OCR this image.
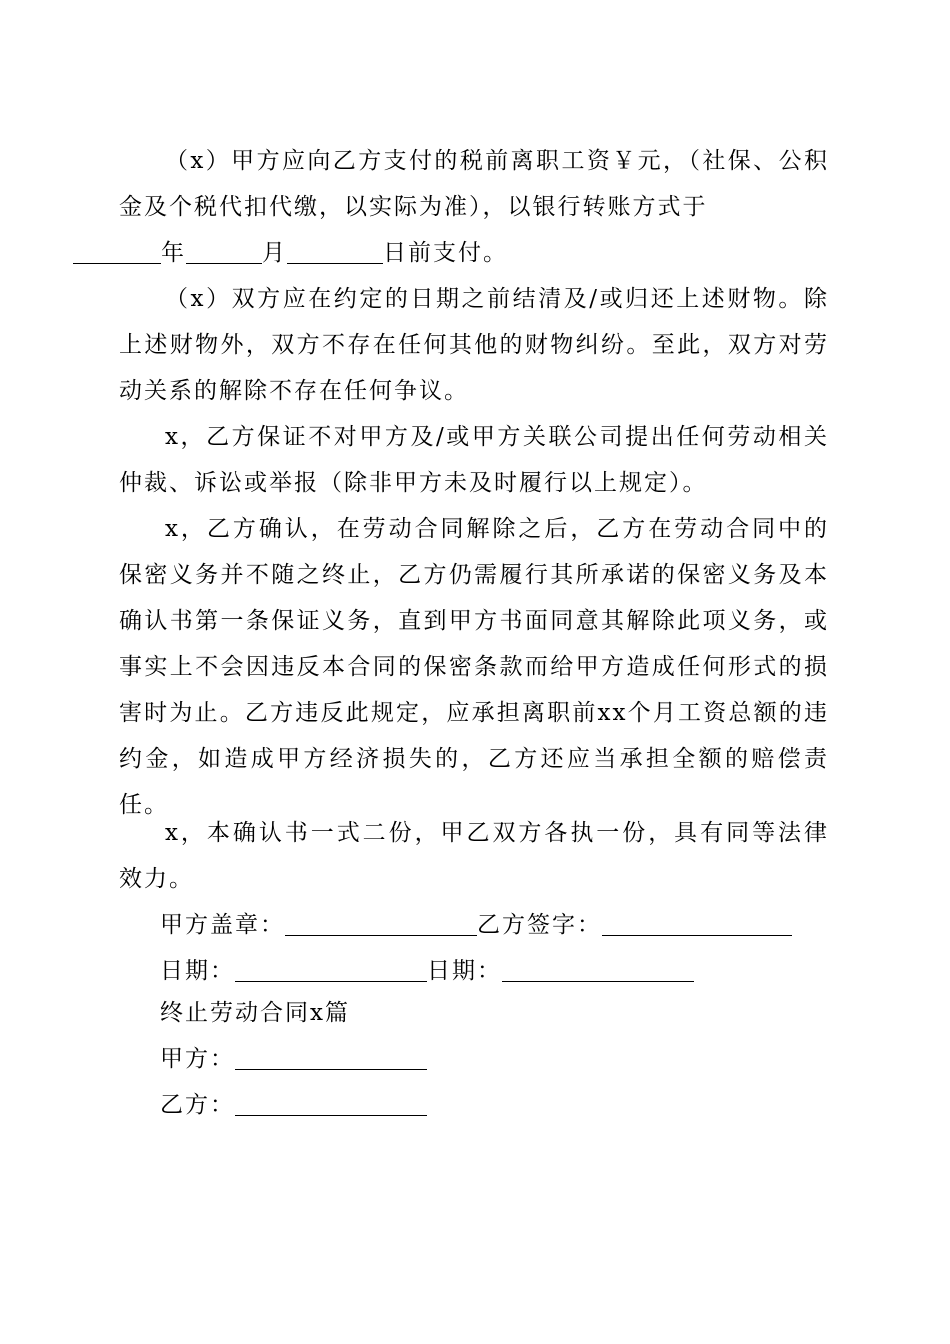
（x）甲方应向乙方支付的税前离职工资￥元，（社保、公积金及个税代扣代缴，以实际为准），以银行转账方式于
年	月	日前支付。

（x）双方应在约定的日期之前结清及/或归还上述财物。除上述财物外，双方不存在任何其他的财物纠纷。至此，双方对劳动关系的解除不存在任何争议。

x，乙方保证不对甲方及/或甲方关联公司提出任何劳动相关仲裁、诉讼或举报（除非甲方未及时履行以上规定）。

x，乙方确认，在劳动合同解除之后，乙方在劳动合同中的保密义务并不随之终止，乙方仍需履行其所承诺的保密义务及本确认书第一条保证义务，直到甲方书面同意其解除此项义务，或事实上不会因违反本合同的保密条款而给甲方造成任何形式的损害时为止。乙方违反此规定，应承担离职前xx个月工资总额的违约金，如造成甲方经济损失的，乙方还应当承担全额的赔偿责任。

x，本确认书一式二份，甲乙双方各执一份，具有同等法律效力。

甲方盖章：	乙方签字：
日期：	日期：
终止劳动合同x篇
甲方：
乙方：
